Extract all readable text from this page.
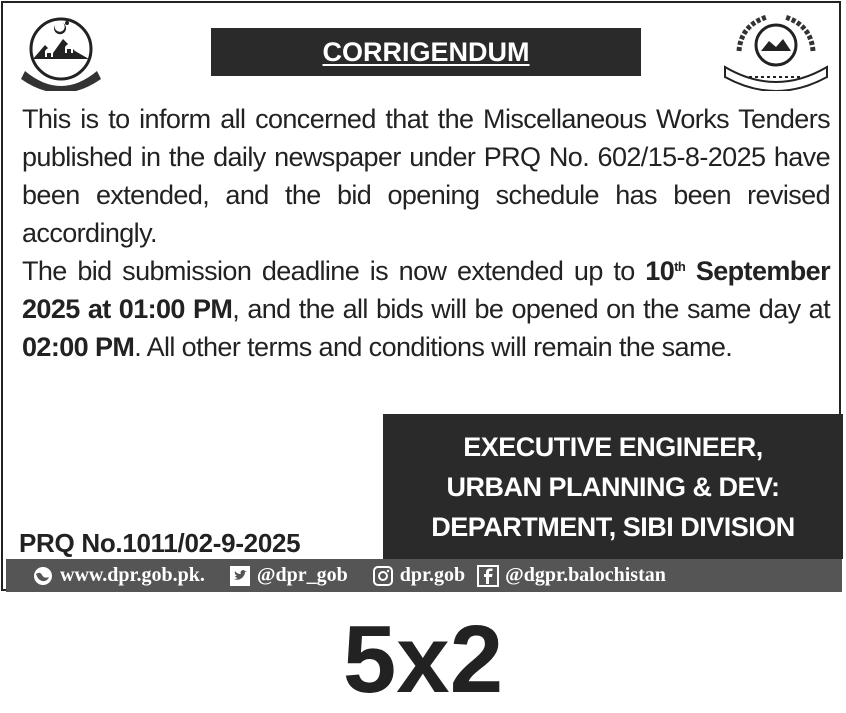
CORRIGENDUM

This is to inform all concerned that the Miscellaneous Works Tenders published in the daily newspaper under PRQ No. 602/15-8-2025 have been extended, and the bid opening schedule has been revised accordingly.

The bid submission deadline is now extended up to 10th September 2025 at 01:00 PM, and the all bids will be opened on the same day at 02:00 PM. All other terms and conditions will remain the same.

EXECUTIVE ENGINEER,
URBAN PLANNING & DEV:
DEPARTMENT, SIBI DIVISION
PRQ No.1011/02-9-2025
www.dpr.gob.pk.	@dpr_gob	dpr.gob @dgpr.balochistan
5x2
